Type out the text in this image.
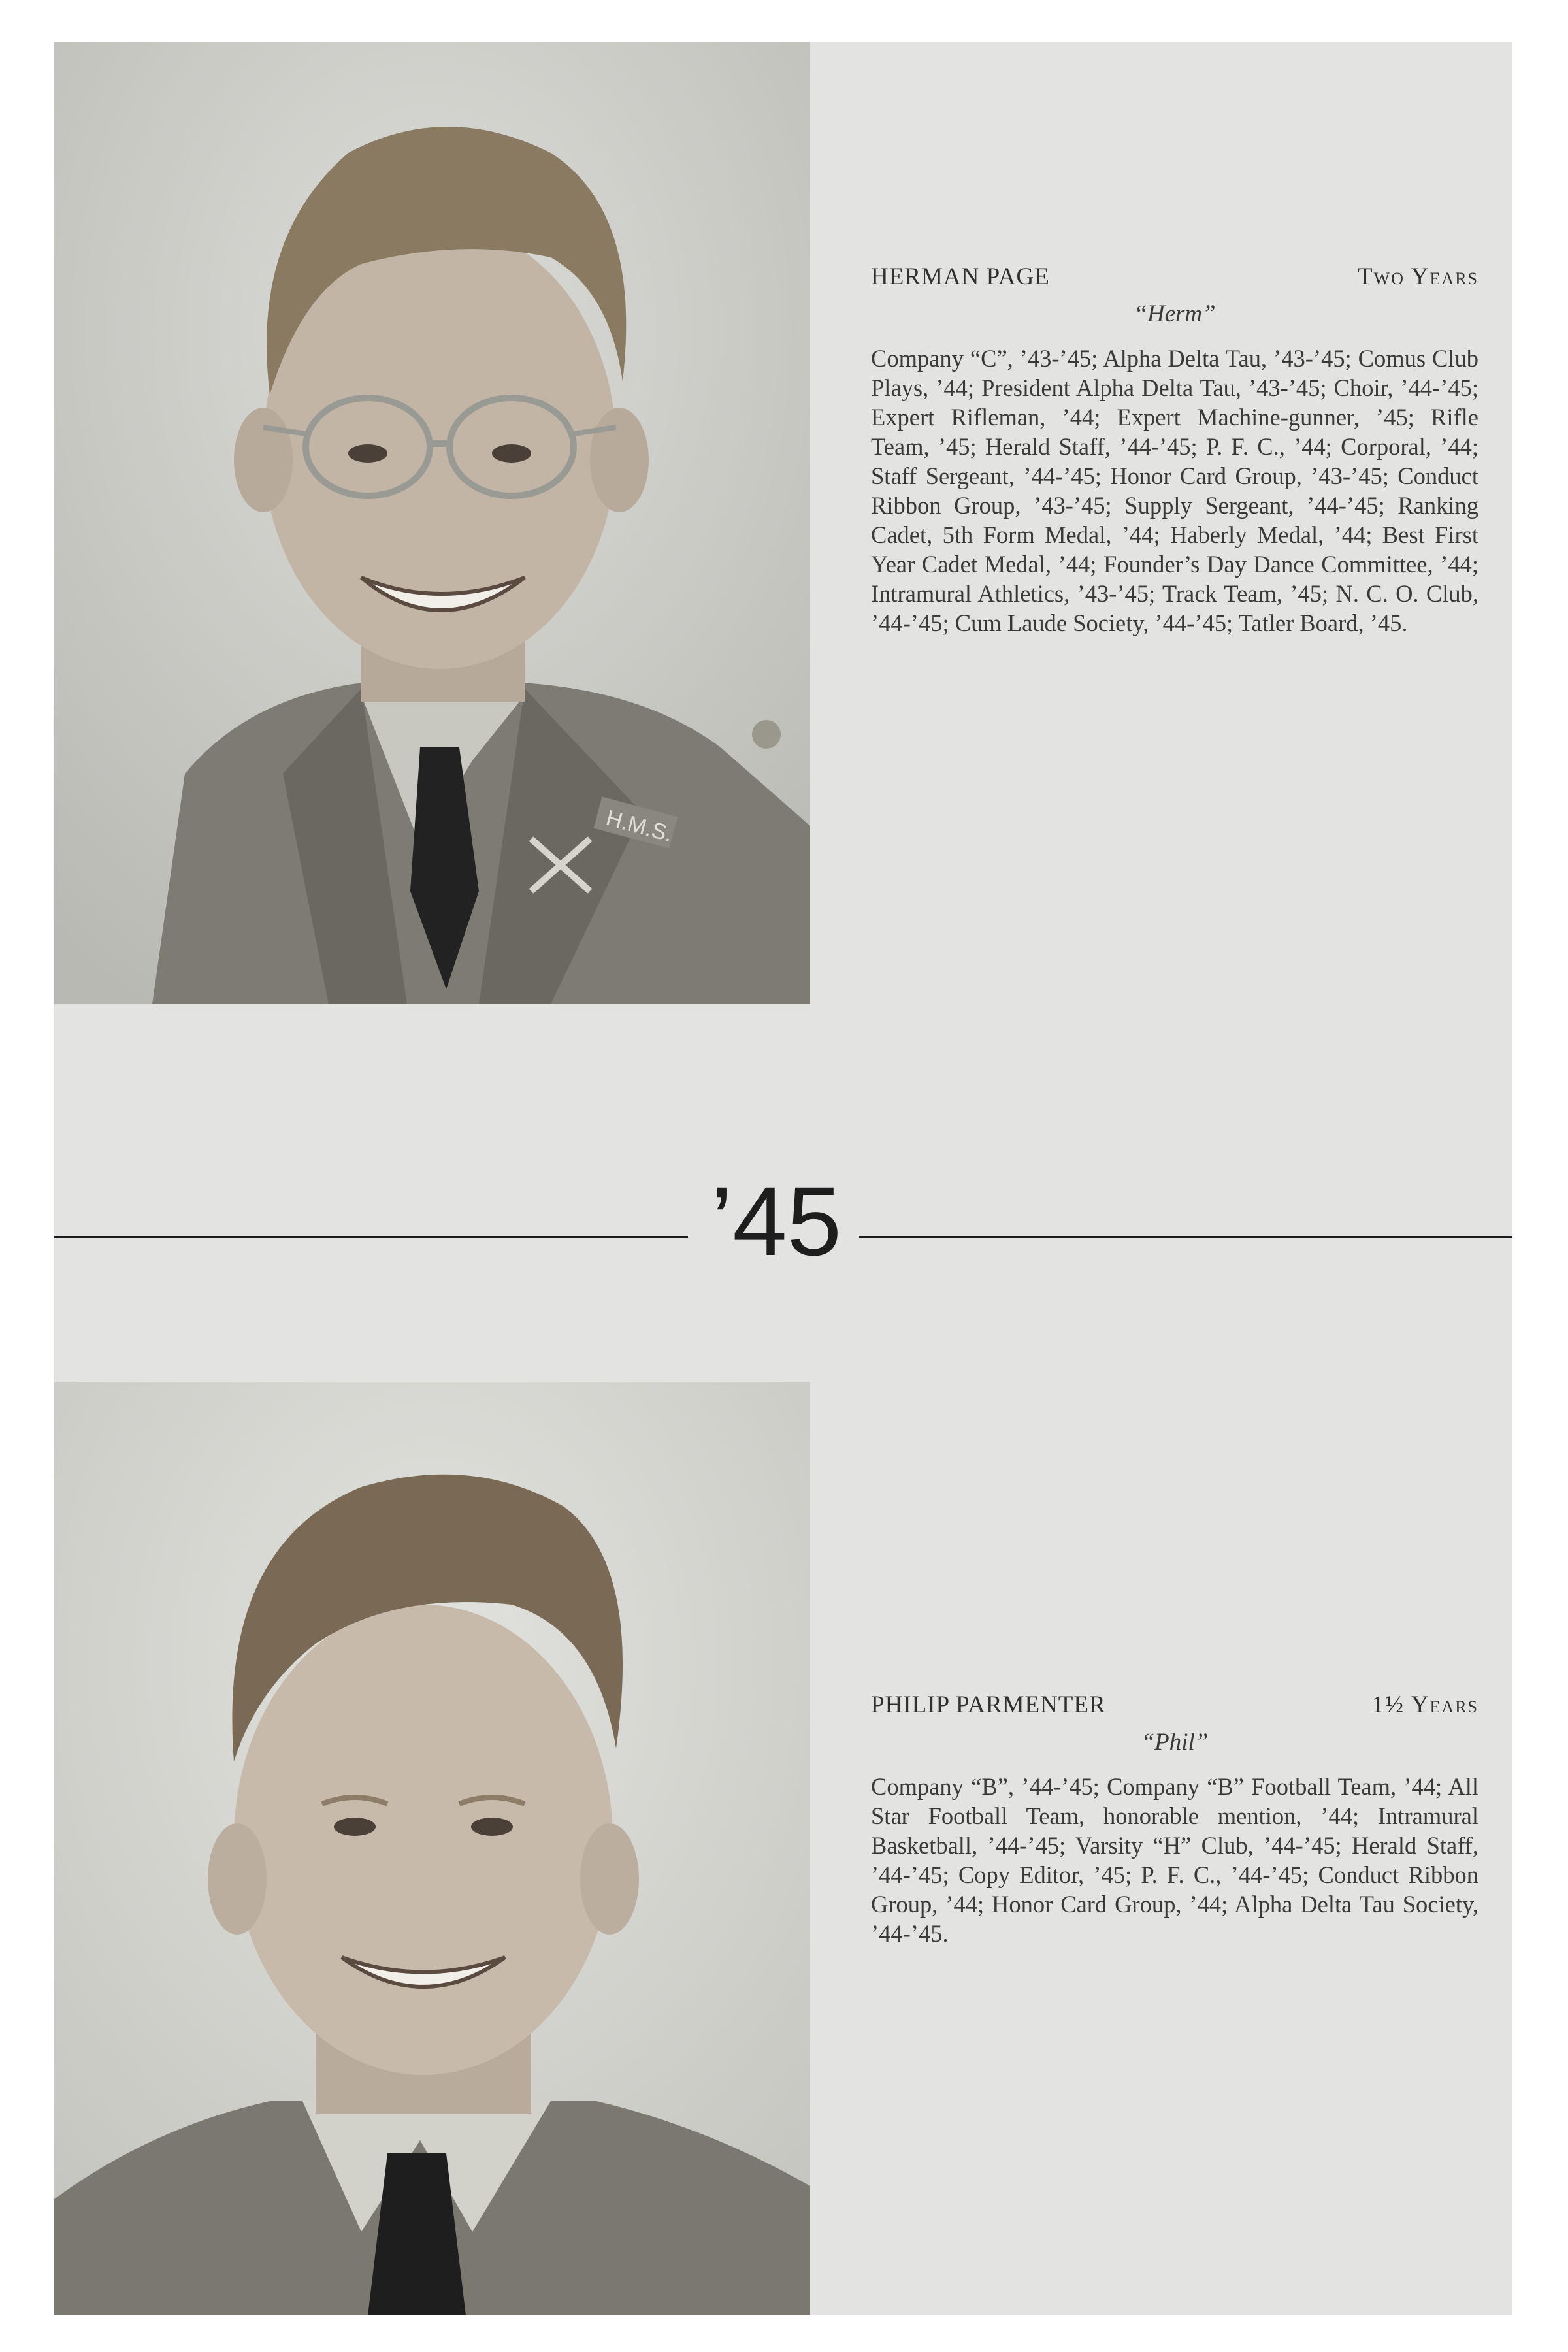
H.M.S.
HERMAN PAGE	Two Years
“Herm”
Company “C”, ’43-’45; Alpha Delta Tau, ’43-’45; Comus Club Plays, ’44; President Alpha Delta Tau, ’43-’45; Choir, ’44-’45; Expert Rifleman, ’44; Expert Machine-gunner, ’45; Rifle Team, ’45; Herald Staff, ’44-’45; P. F. C., ’44; Corporal, ’44; Staff Sergeant, ’44-’45; Honor Card Group, ’43-’45; Conduct Ribbon Group, ’43-’45; Supply Sergeant, ’44-’45; Ranking Cadet, 5th Form Medal, ’44; Haberly Medal, ’44; Best First Year Cadet Medal, ’44; Founder’s Day Dance Committee, ’44; Intramural Athletics, ’43-’45; Track Team, ’45; N. C. O. Club, ’44-’45; Cum Laude Society, ’44-’45; Tatler Board, ’45.
’45
PHILIP PARMENTER	1½ Years
“Phil”
Company “B”, ’44-’45; Company “B” Football Team, ’44; All Star Football Team, honorable mention, ’44; Intramural Basketball, ’44-’45; Varsity “H” Club, ’44-’45; Herald Staff, ’44-’45; Copy Editor, ’45; P. F. C., ’44-’45; Conduct Ribbon Group, ’44; Honor Card Group, ’44; Alpha Delta Tau Society, ’44-’45.
